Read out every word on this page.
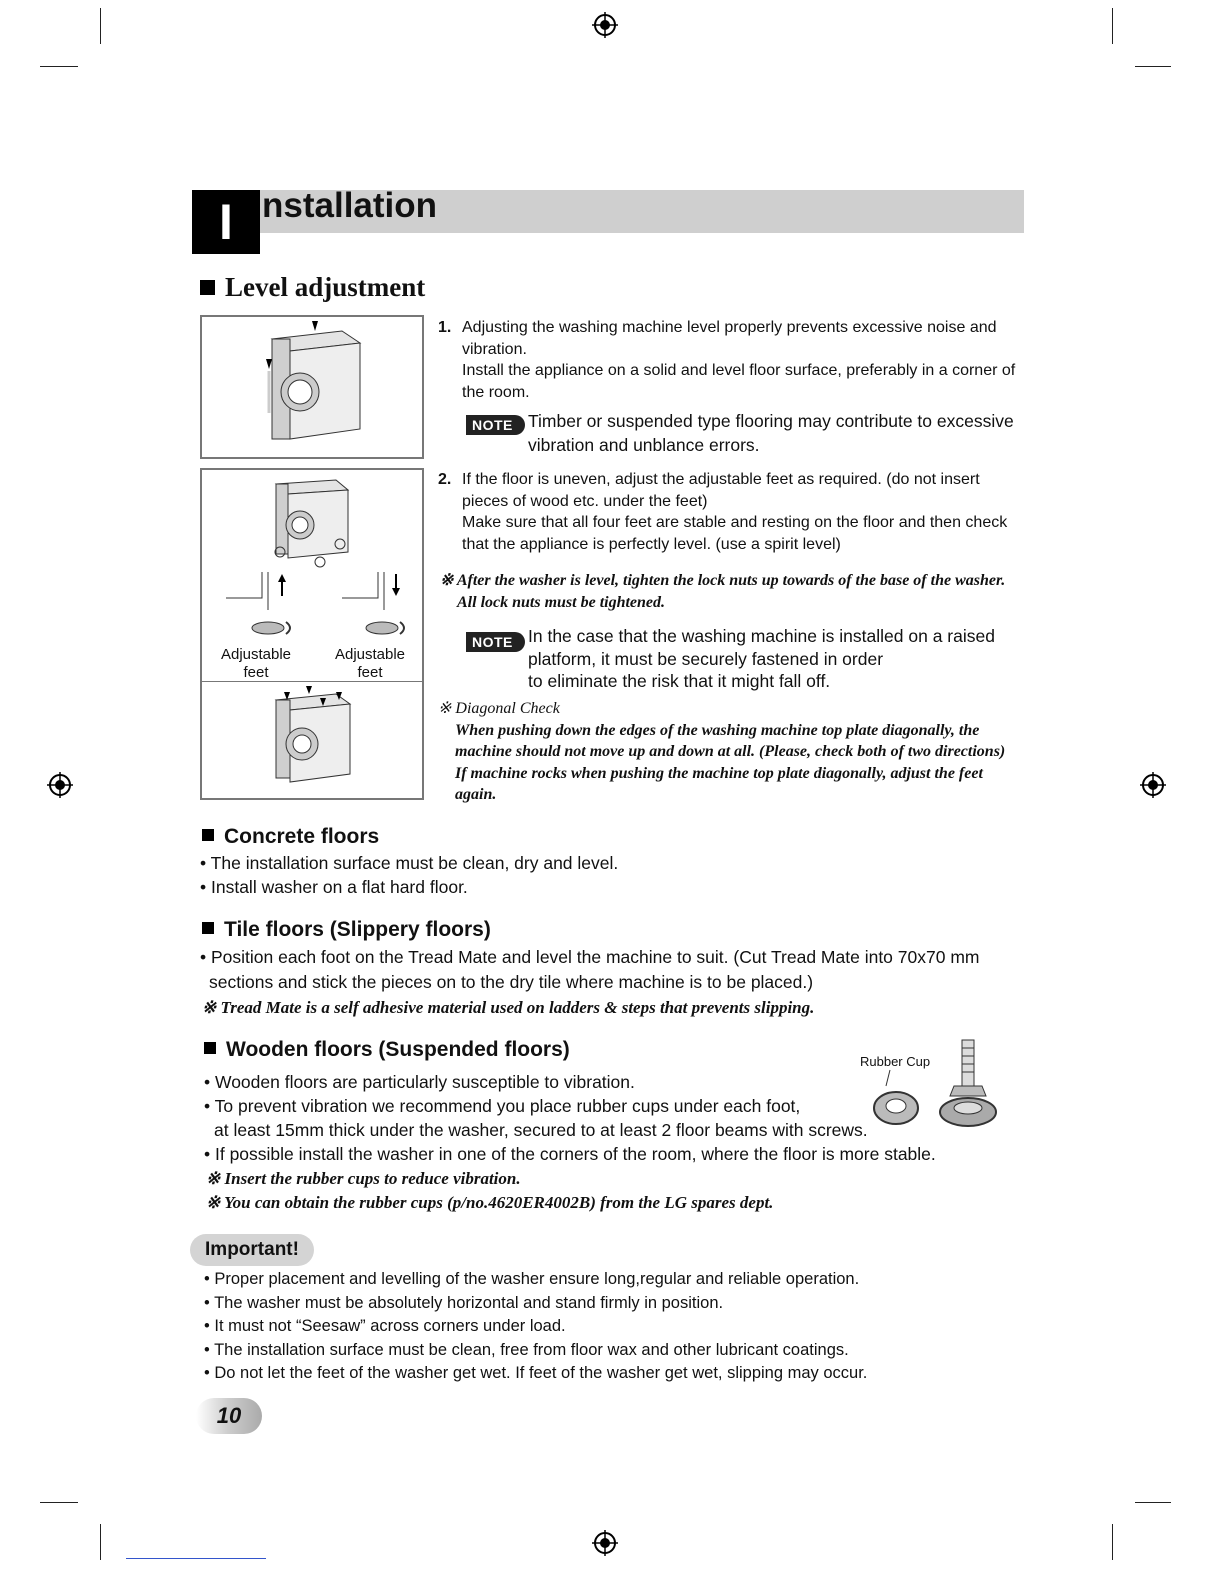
I nstallation
Level adjustment
Adjustable
feet
Adjustable
feet
1. Adjusting the washing machine level properly prevents excessive noise and
vibration.
Install the appliance on a solid and level floor surface, preferably in a corner of
the room.
NOTE Timber or suspended type flooring may contribute to excessive
vibration and unblance errors.
2. If the floor is uneven, adjust the adjustable feet as required. (do not insert
pieces of wood etc. under the feet)
Make sure that all four feet are stable and resting on the floor and then check
that the appliance is perfectly level. (use a spirit level)
※ After the washer is level, tighten the lock nuts up towards of the base of the washer.
All lock nuts must be tightened.
NOTE In the case that the washing machine is installed on a raised
platform, it must be securely fastened in order
to eliminate the risk that it might fall off.
※ Diagonal Check
When pushing down the edges of the washing machine top plate diagonally, the
machine should not move up and down at all. (Please, check both of two directions)
If machine rocks when pushing the machine top plate diagonally, adjust the feet
again.
Concrete floors
• The installation surface must be clean, dry and level.
• Install washer on a flat hard floor.
Tile floors (Slippery floors)
• Position each foot on the Tread Mate and level the machine to suit. (Cut Tread Mate into 70x70 mm
sections and stick the pieces on to the dry tile where machine is to be placed.)
※ Tread Mate is a self adhesive material used on ladders & steps that prevents slipping.
Wooden floors (Suspended floors)
Rubber Cup
• Wooden floors are particularly susceptible to vibration.
• To prevent vibration we recommend you place rubber cups under each foot,
at least 15mm thick under the washer, secured to at least 2 floor beams with screws.
• If possible install the washer in one of the corners of the room, where the floor is more stable.
※ Insert the rubber cups to reduce vibration.
※ You can obtain the rubber cups (p/no.4620ER4002B) from the LG spares dept.
Important!
• Proper placement and levelling of the washer ensure long,regular and reliable operation.
• The washer must be absolutely horizontal and stand firmly in position.
• It must not “Seesaw” across corners under load.
• The installation surface must be clean, free from floor wax and other lubricant coatings.
• Do not let the feet of the washer get wet. If feet of the washer get wet, slipping may occur.
10
